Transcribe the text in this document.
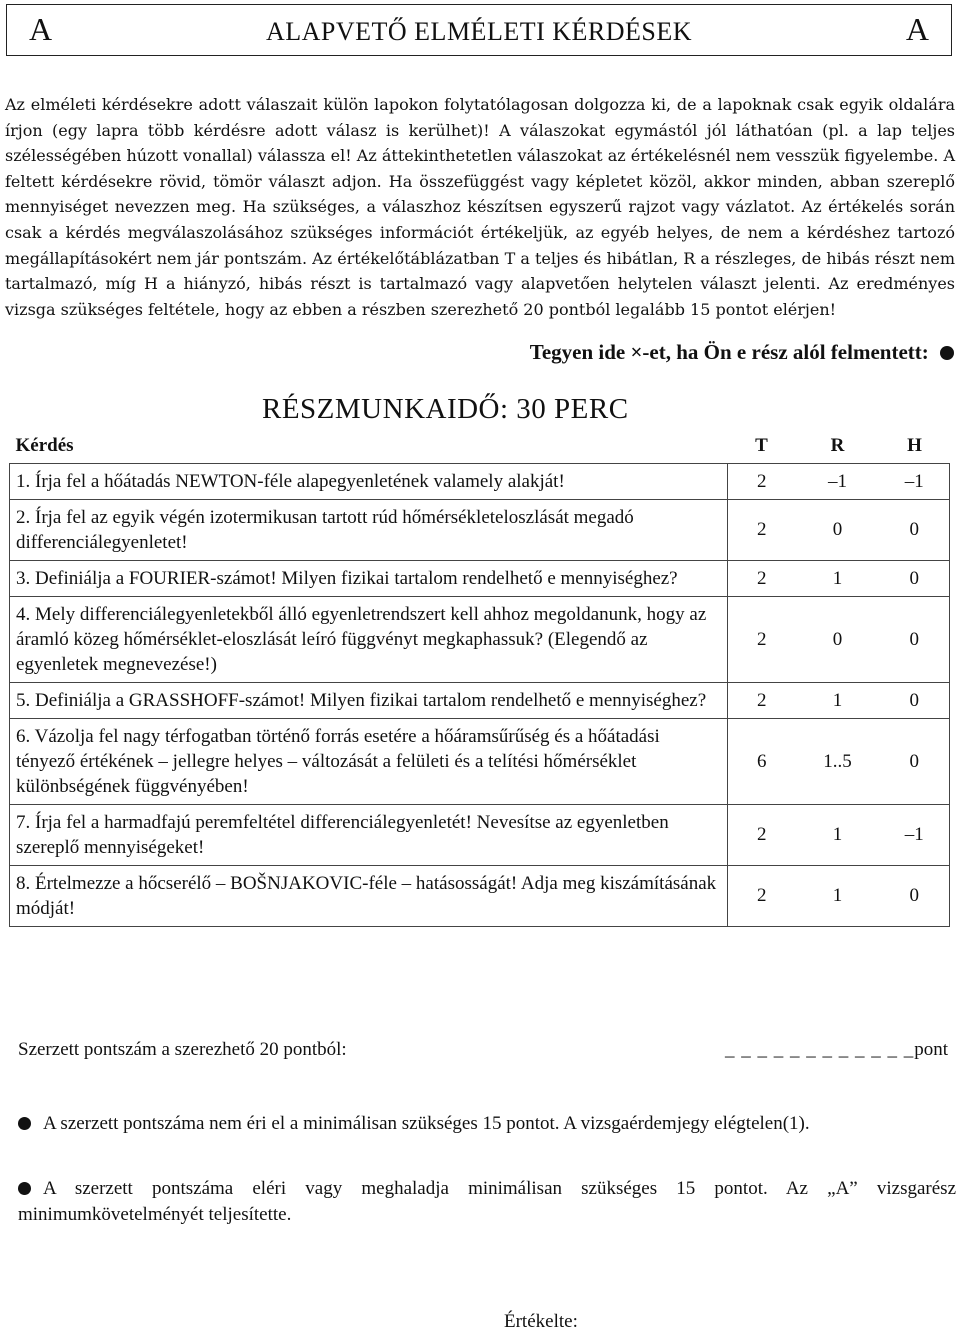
A	ALAPVETŐ ELMÉLETI KÉRDÉSEK	A
Az elméleti kérdésekre adott válaszait külön lapokon folytatólagosan dolgozza ki, de a lapoknak csak egyik oldalára írjon (egy lapra több kérdésre adott válasz is kerülhet)! A válaszokat egymástól jól láthatóan (pl. a lap teljes szélességében húzott vonallal) válassza el! Az áttekinthetetlen válaszokat az értékelésnél nem vesszük figyelembe. A feltett kérdésekre rövid, tömör választ adjon. Ha összefüggést vagy képletet közöl, akkor minden, abban szereplő mennyiséget nevezzen meg. Ha szükséges, a válaszhoz készítsen egyszerű rajzot vagy vázlatot. Az értékelés során csak a kérdés megválaszolásához szükséges információt értékeljük, az egyéb helyes, de nem a kérdéshez tartozó megállapításokért nem jár pontszám. Az értékelőtáblázatban T a teljes és hibátlan, R a részleges, de hibás részt nem tartalmazó, míg H a hiányzó, hibás részt is tartalmazó vagy alapvetően helytelen választ jelenti. Az eredményes vizsga szükséges feltétele, hogy az ebben a részben szerezhető 20 pontból legalább 15 pontot elérjen!
Tegyen ide ×-et, ha Ön e rész alól felmentett:
RÉSZMUNKAIDŐ: 30 PERC
Kérdés	T	R	H
1. Írja fel a hőátadás NEWTON-féle alapegyenletének valamely alakját!	2	–1	–1
2. Írja fel az egyik végén izotermikusan tartott rúd hőmérsékleteloszlását megadó differenciálegyenletet!	2	0	0
3. Definiálja a FOURIER-számot! Milyen fizikai tartalom rendelhető e mennyiséghez?	2	1	0
4. Mely differenciálegyenletekből álló egyenletrendszert kell ahhoz megoldanunk, hogy az áramló közeg hőmérséklet-eloszlását leíró függvényt megkaphassuk? (Elegendő az egyenletek megnevezése!)	2	0	0
5. Definiálja a GRASSHOFF-számot! Milyen fizikai tartalom rendelhető e mennyiséghez?	2	1	0
6. Vázolja fel nagy térfogatban történő forrás esetére a hőáramsűrűség és a hőátadási tényező értékének – jellegre helyes – változását a felületi és a telítési hőmérséklet különbségének függvényében!	6	1..5	0
7. Írja fel a harmadfajú peremfeltétel differenciálegyenletét! Nevesítse az egyenletben szereplő mennyiségeket!	2	1	–1
8. Értelmezze a hőcserélő – BOŠNJAKOVIC-féle – hatásosságát! Adja meg kiszámításának módját!	2	1	0
Szerzett pontszám a szerezhető 20 pontból:	_ _ _ _ _ _ _ _ _ _ _ _pont
A szerzett pontszáma nem éri el a minimálisan szükséges 15 pontot. A vizsgaérdemjegy elégtelen(1).
A szerzett pontszáma eléri vagy meghaladja minimálisan szükséges 15 pontot. Az „A” vizsgarész minimumkövetelményét teljesítette.
Értékelte:
